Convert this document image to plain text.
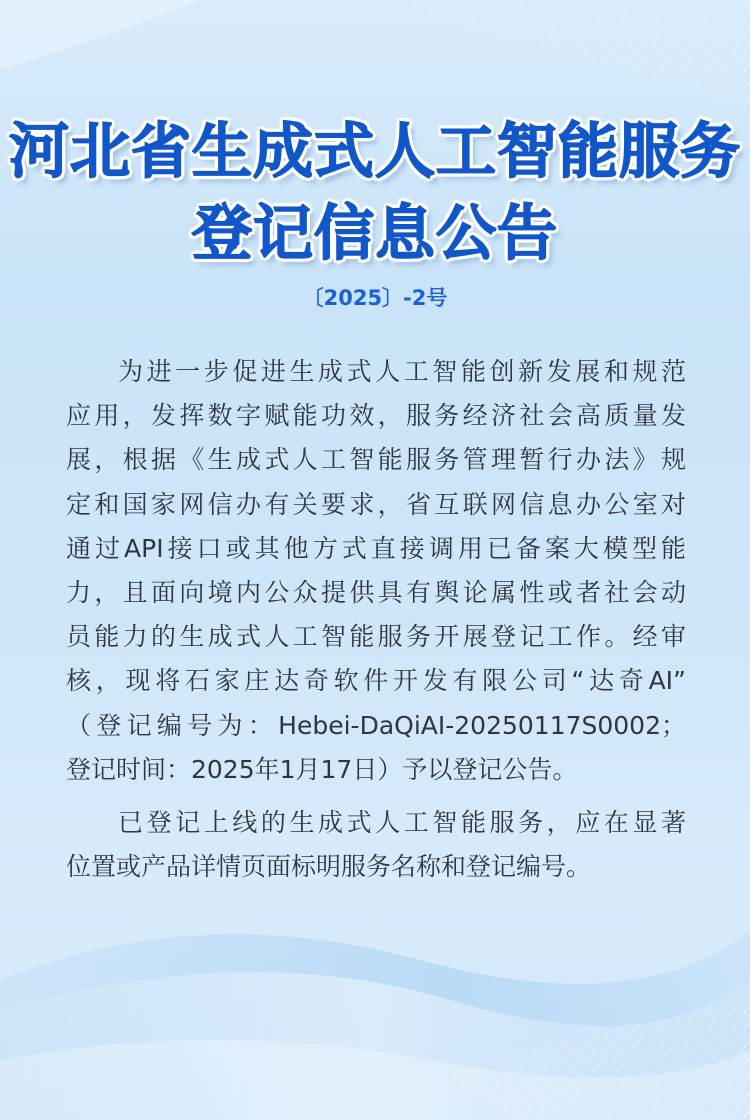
河北省生成式人工智能服务
登记信息公告
〔2025〕-2号

为进一步促进生成式人工智能创新发展和规范
应用，发挥数字赋能功效，服务经济社会高质量发
展，根据《生成式人工智能服务管理暂行办法》规
定和国家网信办有关要求，省互联网信息办公室对
通过API接口或其他方式直接调用已备案大模型能
力，且面向境内公众提供具有舆论属性或者社会动
员能力的生成式人工智能服务开展登记工作。经审
核，现将石家庄达奇软件开发有限公司“达奇AI”
（登记编号为：Hebei-DaQiAI-20250117S0002；
登记时间：2025年1月17日）予以登记公告。

已登记上线的生成式人工智能服务，应在显著
位置或产品详情页面标明服务名称和登记编号。
